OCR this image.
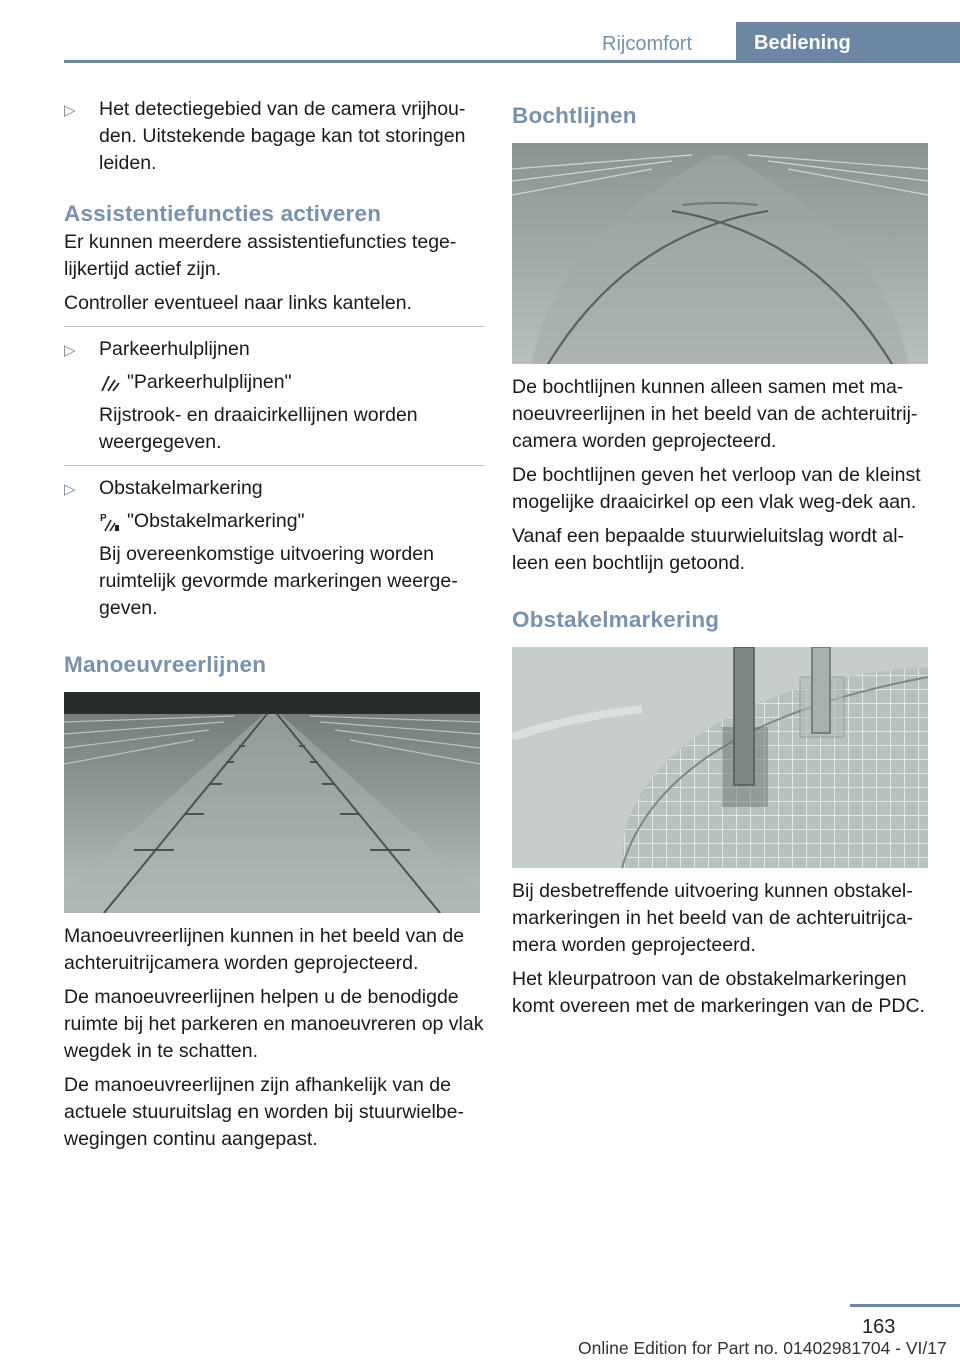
Rijcomfort	Bediening
▷ Het detectiegebied van de camera vrijhou-den. Uitstekende bagage kan tot storingen leiden.
Assistentiefuncties activeren

Er kunnen meerdere assistentiefuncties tege-lijkertijd actief zijn.

Controller eventueel naar links kantelen.

▷ Parkeerhulplijnen
"Parkeerhulplijnen"
Rijstrook- en draaicirkellijnen worden weergegeven.
▷ Obstakelmarkering
P "Obstakelmarkering"
Bij overeenkomstige uitvoering worden ruimtelijk gevormde markeringen weerge-geven.
Manoeuvreerlijnen

Manoeuvreerlijnen kunnen in het beeld van de achteruitrijcamera worden geprojecteerd.

De manoeuvreerlijnen helpen u de benodigde ruimte bij het parkeren en manoeuvreren op vlak wegdek in te schatten.

De manoeuvreerlijnen zijn afhankelijk van de actuele stuuruitslag en worden bij stuurwielbe-wegingen continu aangepast.

Bochtlijnen

De bochtlijnen kunnen alleen samen met ma-noeuvreerlijnen in het beeld van de achteruitrij-camera worden geprojecteerd.

De bochtlijnen geven het verloop van de kleinst mogelijke draaicirkel op een vlak weg-dek aan.

Vanaf een bepaalde stuurwieluitslag wordt al-leen een bochtlijn getoond.

Obstakelmarkering

Bij desbetreffende uitvoering kunnen obstakel-markeringen in het beeld van de achteruitrijca-mera worden geprojecteerd.

Het kleurpatroon van de obstakelmarkeringen komt overeen met de markeringen van de PDC.

163
Online Edition for Part no. 01402981704 - VI/17
